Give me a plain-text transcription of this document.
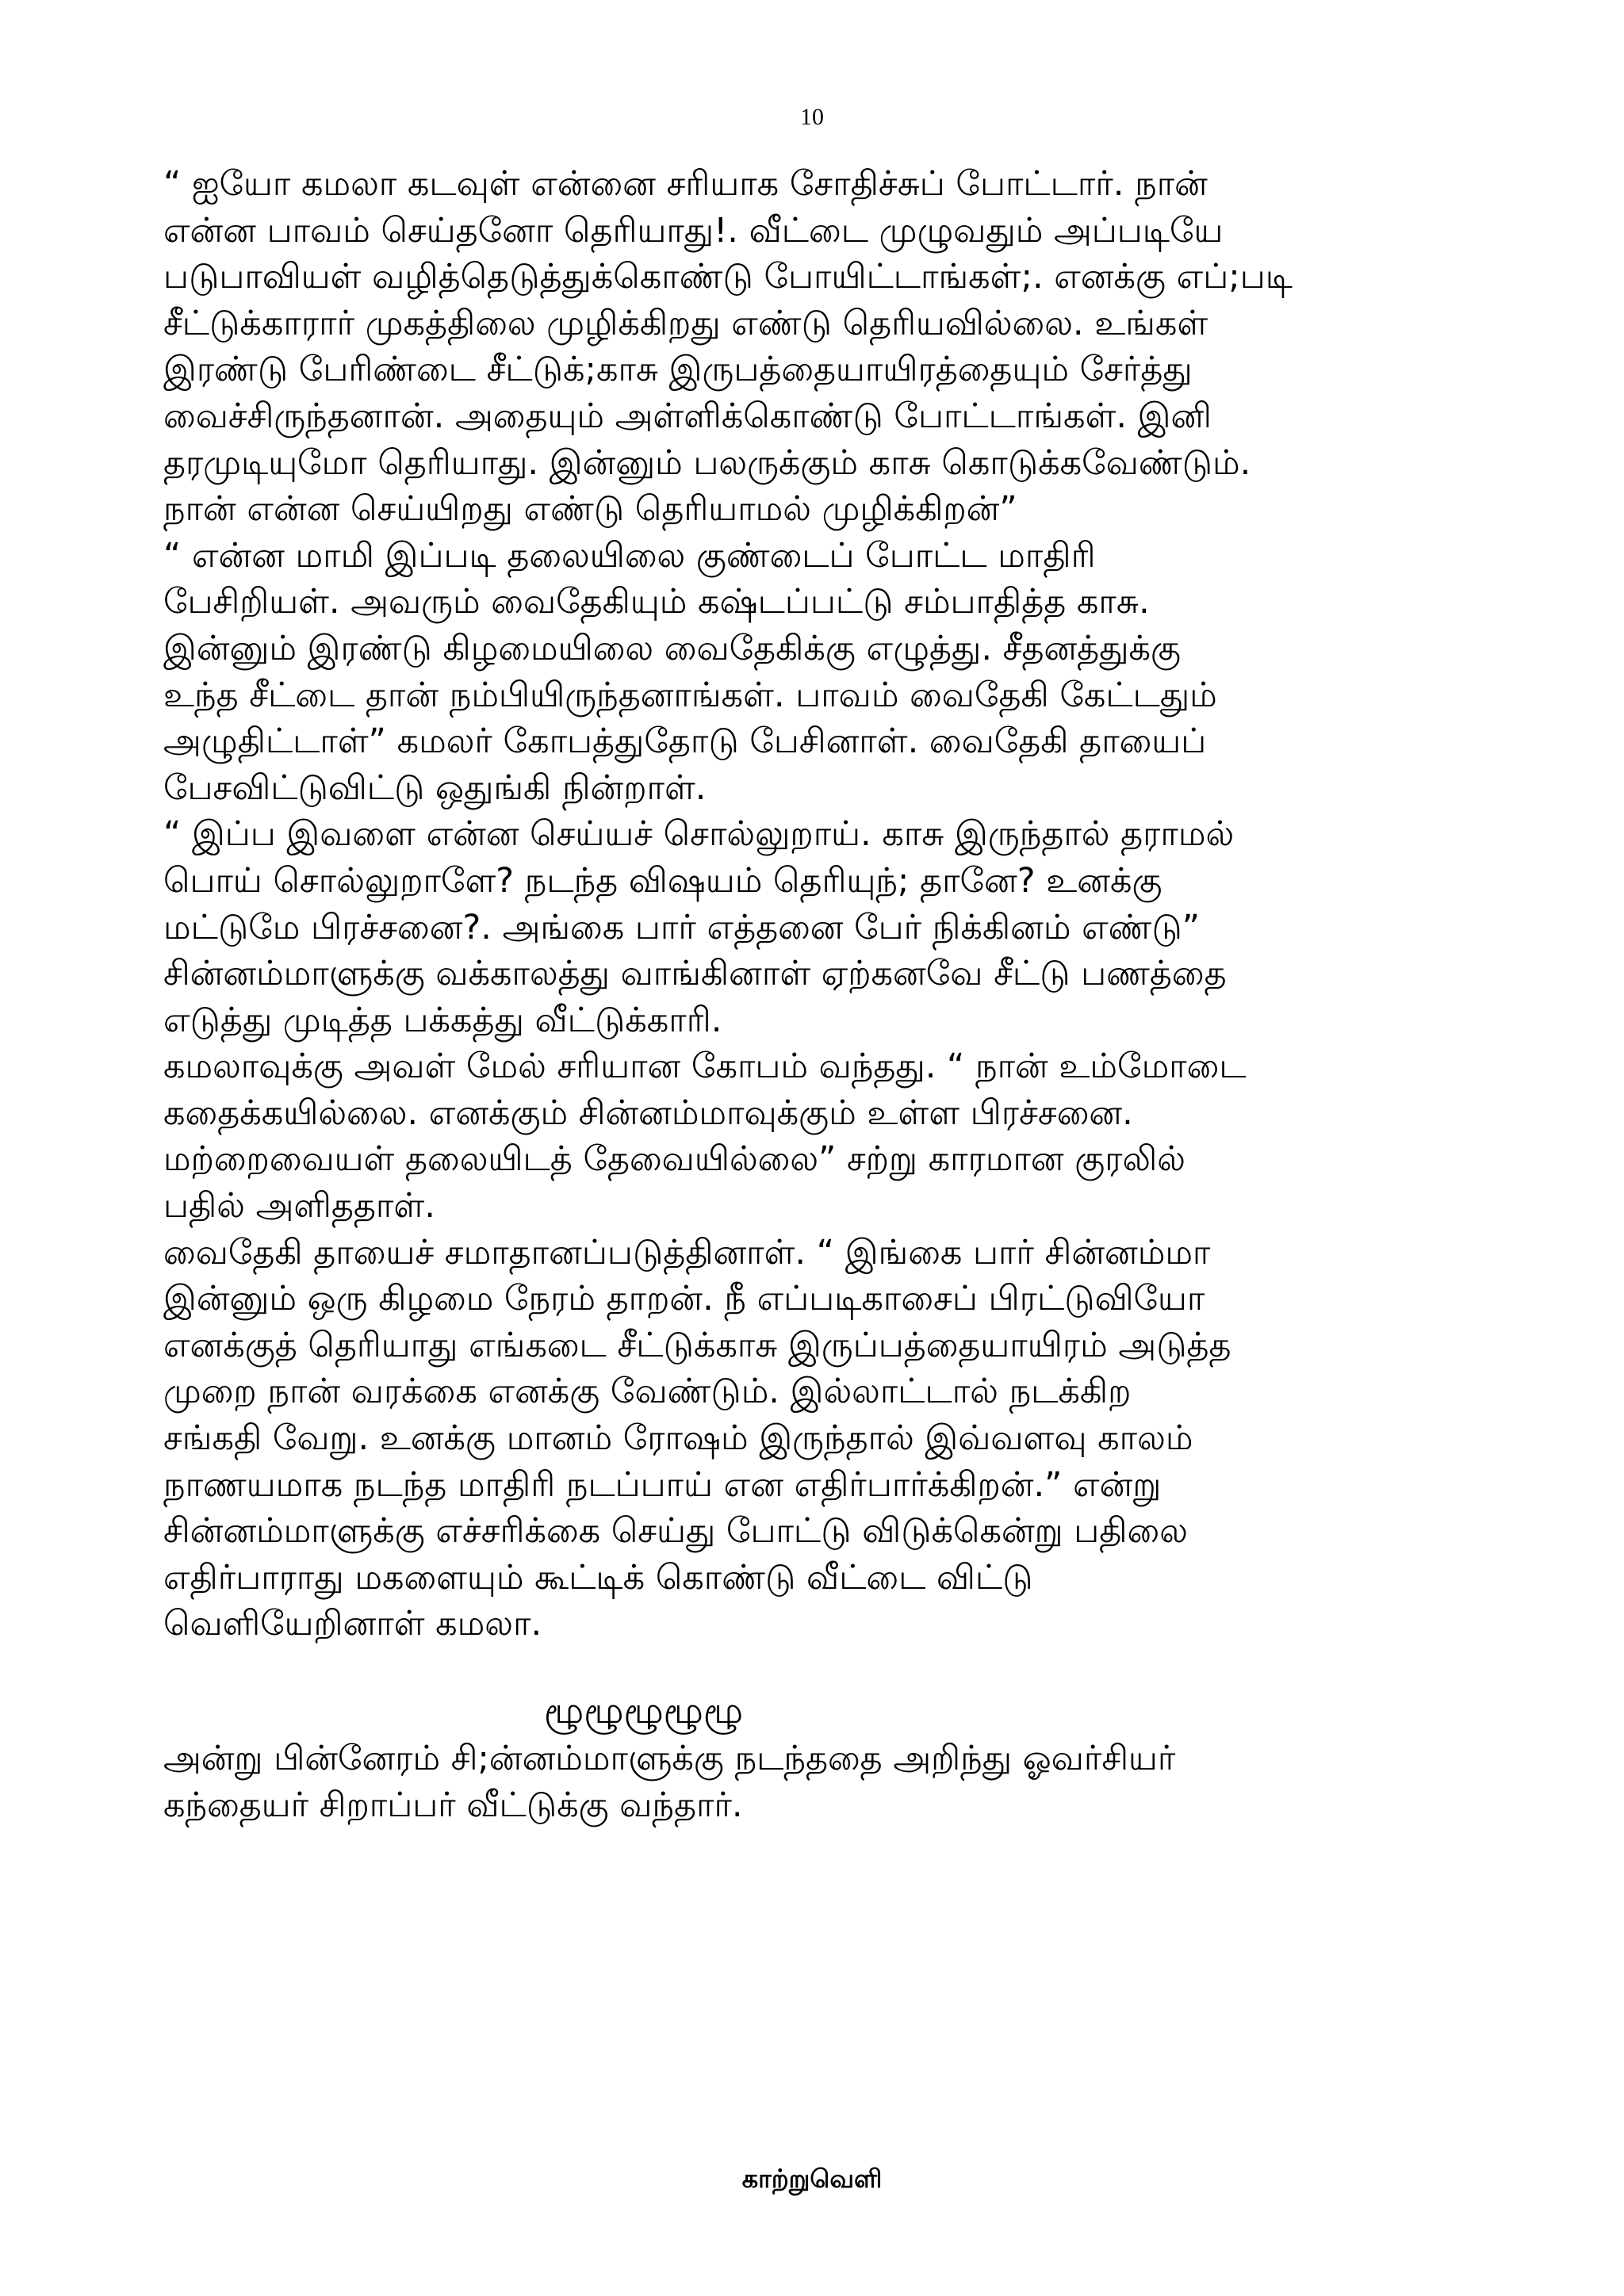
10
“ ஐயோ கமலா கடவுள் என்னை சரியாக சோதிச்சுப் போட்டார். நான்
என்ன பாவம் செய்தனோ தெரியாது!. வீட்டை முழுவதும் அப்படியே
படுபாவியள் வழித்தெடுத்துக்கொண்டு போயிட்டாங்கள்;. எனக்கு எப்;படி
சீட்டுக்காரார் முகத்திலை முழிக்கிறது எண்டு தெரியவில்லை. உங்கள்
இரண்டு பேரிண்டை சீட்டுக்;காசு இருபத்தையாயிரத்தையும் சேர்த்து
வைச்சிருந்தனான். அதையும் அள்ளிக்கொண்டு போட்டாங்கள். இனி
தரமுடியுமோ தெரியாது. இன்னும் பலருக்கும் காசு கொடுக்கவேண்டும்.
நான் என்ன செய்யிறது எண்டு தெரியாமல் முழிக்கிறன்”
“ என்ன மாமி இப்படி தலையிலை குண்டைப் போட்ட மாதிரி
பேசிறியள். அவரும் வைதேகியும் கஷ்டப்பட்டு சம்பாதித்த காசு.
இன்னும் இரண்டு கிழமையிலை வைதேகிக்கு எழுத்து. சீதனத்துக்கு
உந்த சீட்டை தான் நம்பியிருந்தனாங்கள். பாவம் வைதேகி கேட்டதும்
அழுதிட்டாள்” கமலர் கோபத்துதோடு பேசினாள். வைதேகி தாயைப்
பேசவிட்டுவிட்டு ஒதுங்கி நின்றாள்.
“ இப்ப இவளை என்ன செய்யச் சொல்லுறாய். காசு இருந்தால் தராமல்
பொய் சொல்லுறாளே? நடந்த விஷயம் தெரியுந்; தானே? உனக்கு
மட்டுமே பிரச்சனை?. அங்கை பார் எத்தனை பேர் நிக்கினம் எண்டு”
சின்னம்மாளுக்கு வக்காலத்து வாங்கினாள் ஏற்கனவே சீட்டு பணத்தை
எடுத்து முடித்த பக்கத்து வீட்டுக்காரி.
கமலாவுக்கு அவள் மேல் சரியான கோபம் வந்தது. “ நான் உம்மோடை
கதைக்கயில்லை. எனக்கும் சின்னம்மாவுக்கும் உள்ள பிரச்சனை.
மற்றைவையள் தலையிடத் தேவையில்லை” சற்று காரமான குரலில்
பதில் அளிததாள்.
வைதேகி தாயைச் சமாதானப்படுத்தினாள். “ இங்கை பார் சின்னம்மா
இன்னும் ஒரு கிழமை நேரம் தாறன். நீ எப்படிகாசைப் பிரட்டுவியோ
எனக்குத் தெரியாது எங்கடை சீட்டுக்காசு இருப்பத்தையாயிரம் அடுத்த
முறை நான் வரக்கை எனக்கு வேண்டும். இல்லாட்டால் நடக்கிற
சங்கதி வேறு. உனக்கு மானம் ரோஷம் இருந்தால் இவ்வளவு காலம்
நாணயமாக நடந்த மாதிரி நடப்பாய் என எதிர்பார்க்கிறன்.” என்று
சின்னம்மாளுக்கு எச்சரிக்கை செய்து போட்டு விடுக்கென்று பதிலை
எதிர்பாராது மகளையும் கூட்டிக் கொண்டு வீட்டை விட்டு
வெளியேறினாள் கமலா.
ழூழூழூழூழூ
அன்று பின்னேரம் சி;ன்னம்மாளுக்கு நடந்ததை அறிந்து ஓவர்சியர்
கந்தையர் சிறாப்பர் வீட்டுக்கு வந்தார்.
காற்றுவெளி
